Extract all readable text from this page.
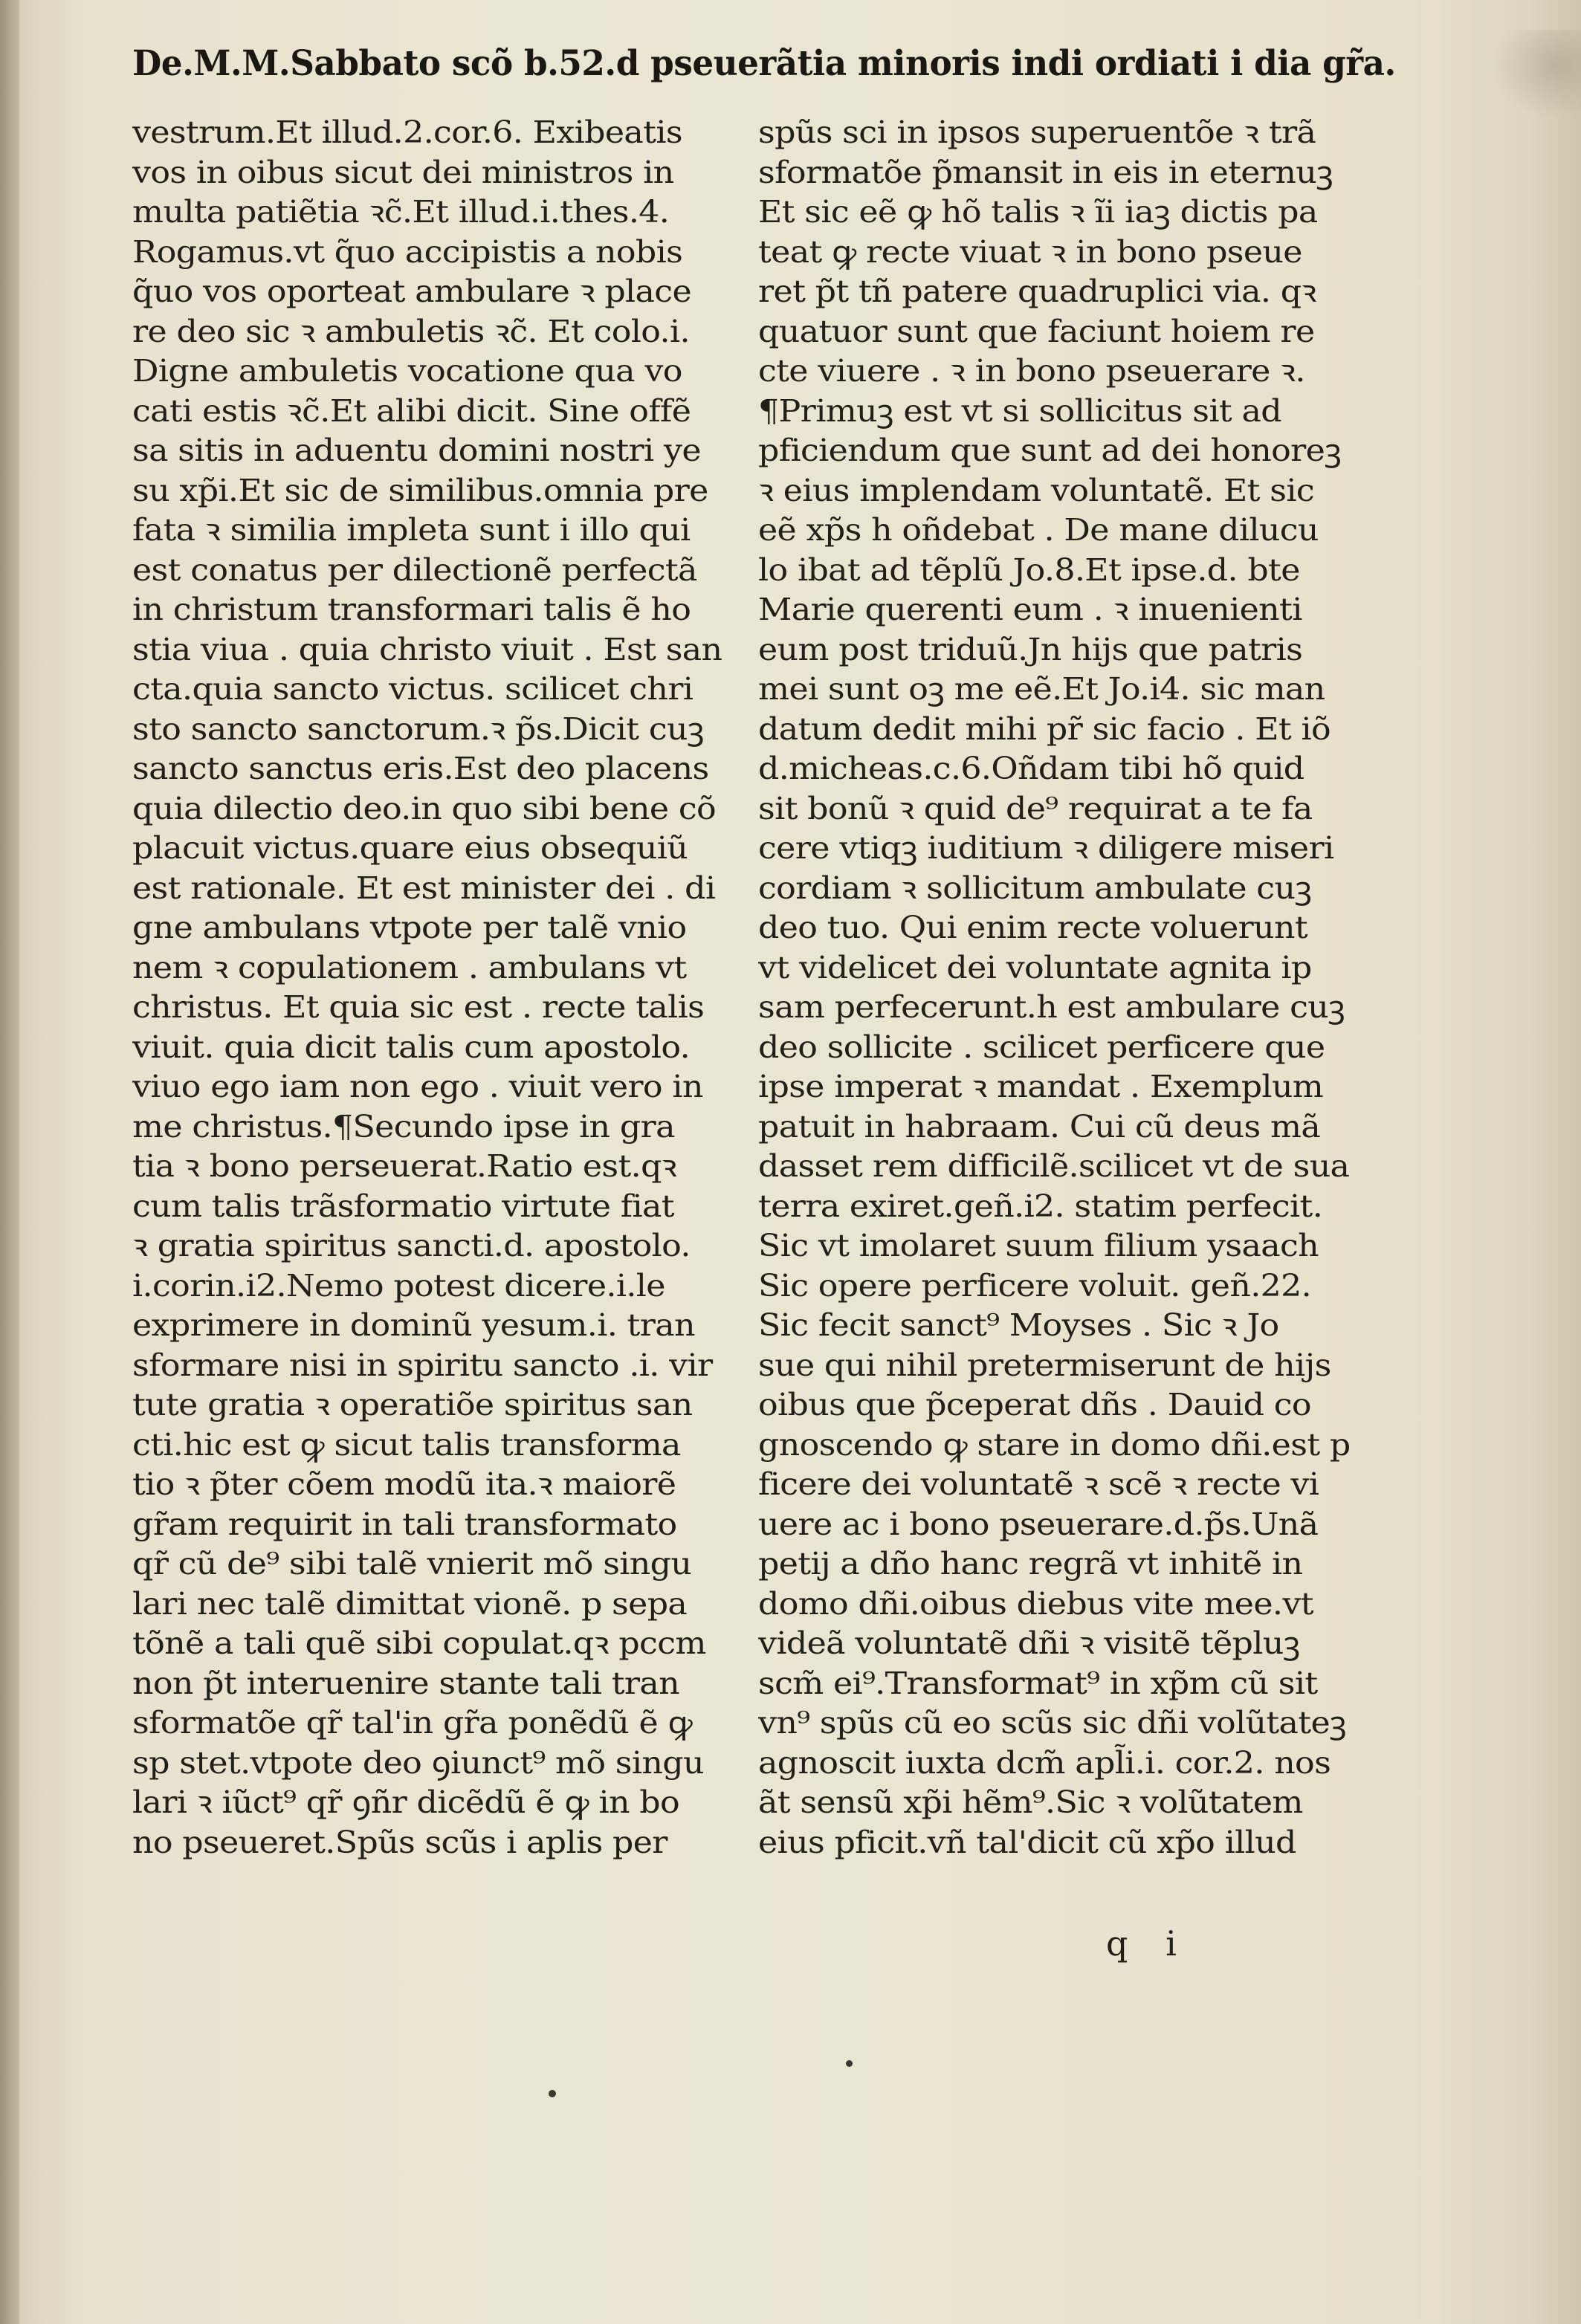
De.M.M.Sabbato scõ b.52.d pseuerãtia minoris indi ordiati i dia gr̃a.
vestrum.Et illud.2.cor.6. Exibeatis
vos in oibus sicut dei ministros in
multa patiẽtia ꝛc̃.Et illud.i.thes.4.
Rogamus.vt q̃uo accipistis a nobis
q̃uo vos oporteat ambulare ꝛ place
re deo sic ꝛ ambuletis ꝛc̃. Et colo.i.
Digne ambuletis vocatione qua vo
cati estis ꝛc̃.Et alibi dicit. Sine offẽ
sa sitis in aduentu domini nostri ye
su xp̃i.Et sic de similibus.omnia pre
fata ꝛ similia impleta sunt i illo qui
est conatus per dilectionẽ perfectã
in christum transformari talis ẽ ho
stia viua . quia christo viuit . Est san
cta.quia sancto victus. scilicet chri
sto sancto sanctorum.ꝛ p̃s.Dicit cuꝫ
sancto sanctus eris.Est deo placens
quia dilectio deo.in quo sibi bene cõ
placuit victus.quare eius obsequiũ
est rationale. Et est minister dei . di
gne ambulans vtpote per talẽ vnio
nem ꝛ copulationem . ambulans vt
christus. Et quia sic est . recte talis
viuit. quia dicit talis cum apostolo.
viuo ego iam non ego . viuit vero in
me christus.¶Secundo ipse in gra
tia ꝛ bono perseuerat.Ratio est.qꝛ
cum talis trãsformatio virtute fiat
ꝛ gratia spiritus sancti.d. apostolo.
i.corin.i2.Nemo potest dicere.i.le
exprimere in dominũ yesum.i. tran
sformare nisi in spiritu sancto .i. vir
tute gratia ꝛ operatiõe spiritus san
cti.hic est ꝙ sicut talis transforma
tio ꝛ p̃ter cõem modũ ita.ꝛ maiorẽ
gr̃am requirit in tali transformato
qr̃ cũ de⁹ sibi talẽ vnierit mõ singu
lari nec talẽ dimittat vionẽ. p sepa
tõnẽ a tali quẽ sibi copulat.qꝛ pccm
non p̃t interuenire stante tali tran
sformatõe qr̃ tal'in gr̃a ponẽdũ ẽ ꝙ
sp stet.vtpote deo ꝯiunct⁹ mõ singu
lari ꝛ iũct⁹ qr̃ ꝯñr dicẽdũ ẽ ꝙ in bo
no pseueret.Spũs scũs i aplis per
spũs sci in ipsos superuentõe ꝛ trã
sformatõe p̃mansit in eis in eternuꝫ
Et sic eẽ ꝙ hõ talis ꝛ ĩi iaꝫ dictis pa
teat ꝙ recte viuat ꝛ in bono pseue
ret p̃t tñ patere quadruplici via. qꝛ
quatuor sunt que faciunt hoiem re
cte viuere . ꝛ in bono pseuerare ꝛ.
¶Primuꝫ est vt si sollicitus sit ad
pficiendum que sunt ad dei honoreꝫ
ꝛ eius implendam voluntatẽ. Et sic
eẽ xp̃s h oñdebat . De mane dilucu
lo ibat ad tẽplũ Jo.8.Et ipse.d. bte
Marie querenti eum . ꝛ inuenienti
eum post triduũ.Jn hijs que patris
mei sunt oꝫ me eẽ.Et Jo.i4. sic man
datum dedit mihi pr̃ sic facio . Et iõ
d.micheas.c.6.Oñdam tibi hõ quid
sit bonũ ꝛ quid de⁹ requirat a te fa
cere vtiqꝫ iuditium ꝛ diligere miseri
cordiam ꝛ sollicitum ambulate cuꝫ
deo tuo. Qui enim recte voluerunt
vt videlicet dei voluntate agnita ip
sam perfecerunt.h est ambulare cuꝫ
deo sollicite . scilicet perficere que
ipse imperat ꝛ mandat . Exemplum
patuit in habraam. Cui cũ deus mã
dasset rem difficilẽ.scilicet vt de sua
terra exiret.geñ.i2. statim perfecit.
Sic vt imolaret suum filium ysaach
Sic opere perficere voluit. geñ.22.
Sic fecit sanct⁹ Moyses . Sic ꝛ Jo
sue qui nihil pretermiserunt de hijs
oibus que p̃ceperat dñs . Dauid co
gnoscendo ꝙ stare in domo dñi.est p
ficere dei voluntatẽ ꝛ scẽ ꝛ recte vi
uere ac i bono pseuerare.d.p̃s.Unã
petij a dño hanc regrã vt inhitẽ in
domo dñi.oibus diebus vite mee.vt
videã voluntatẽ dñi ꝛ visitẽ tẽpluꝫ
scm̃ ei⁹.Transformat⁹ in xp̃m cũ sit
vn⁹ spũs cũ eo scũs sic dñi volũtateꝫ
agnoscit iuxta dcm̃ apl̃i.i. cor.2. nos
ãt sensũ xp̃i hẽm⁹.Sic ꝛ volũtatem
eius pficit.vñ tal'dicit cũ xp̃o illud
q i
